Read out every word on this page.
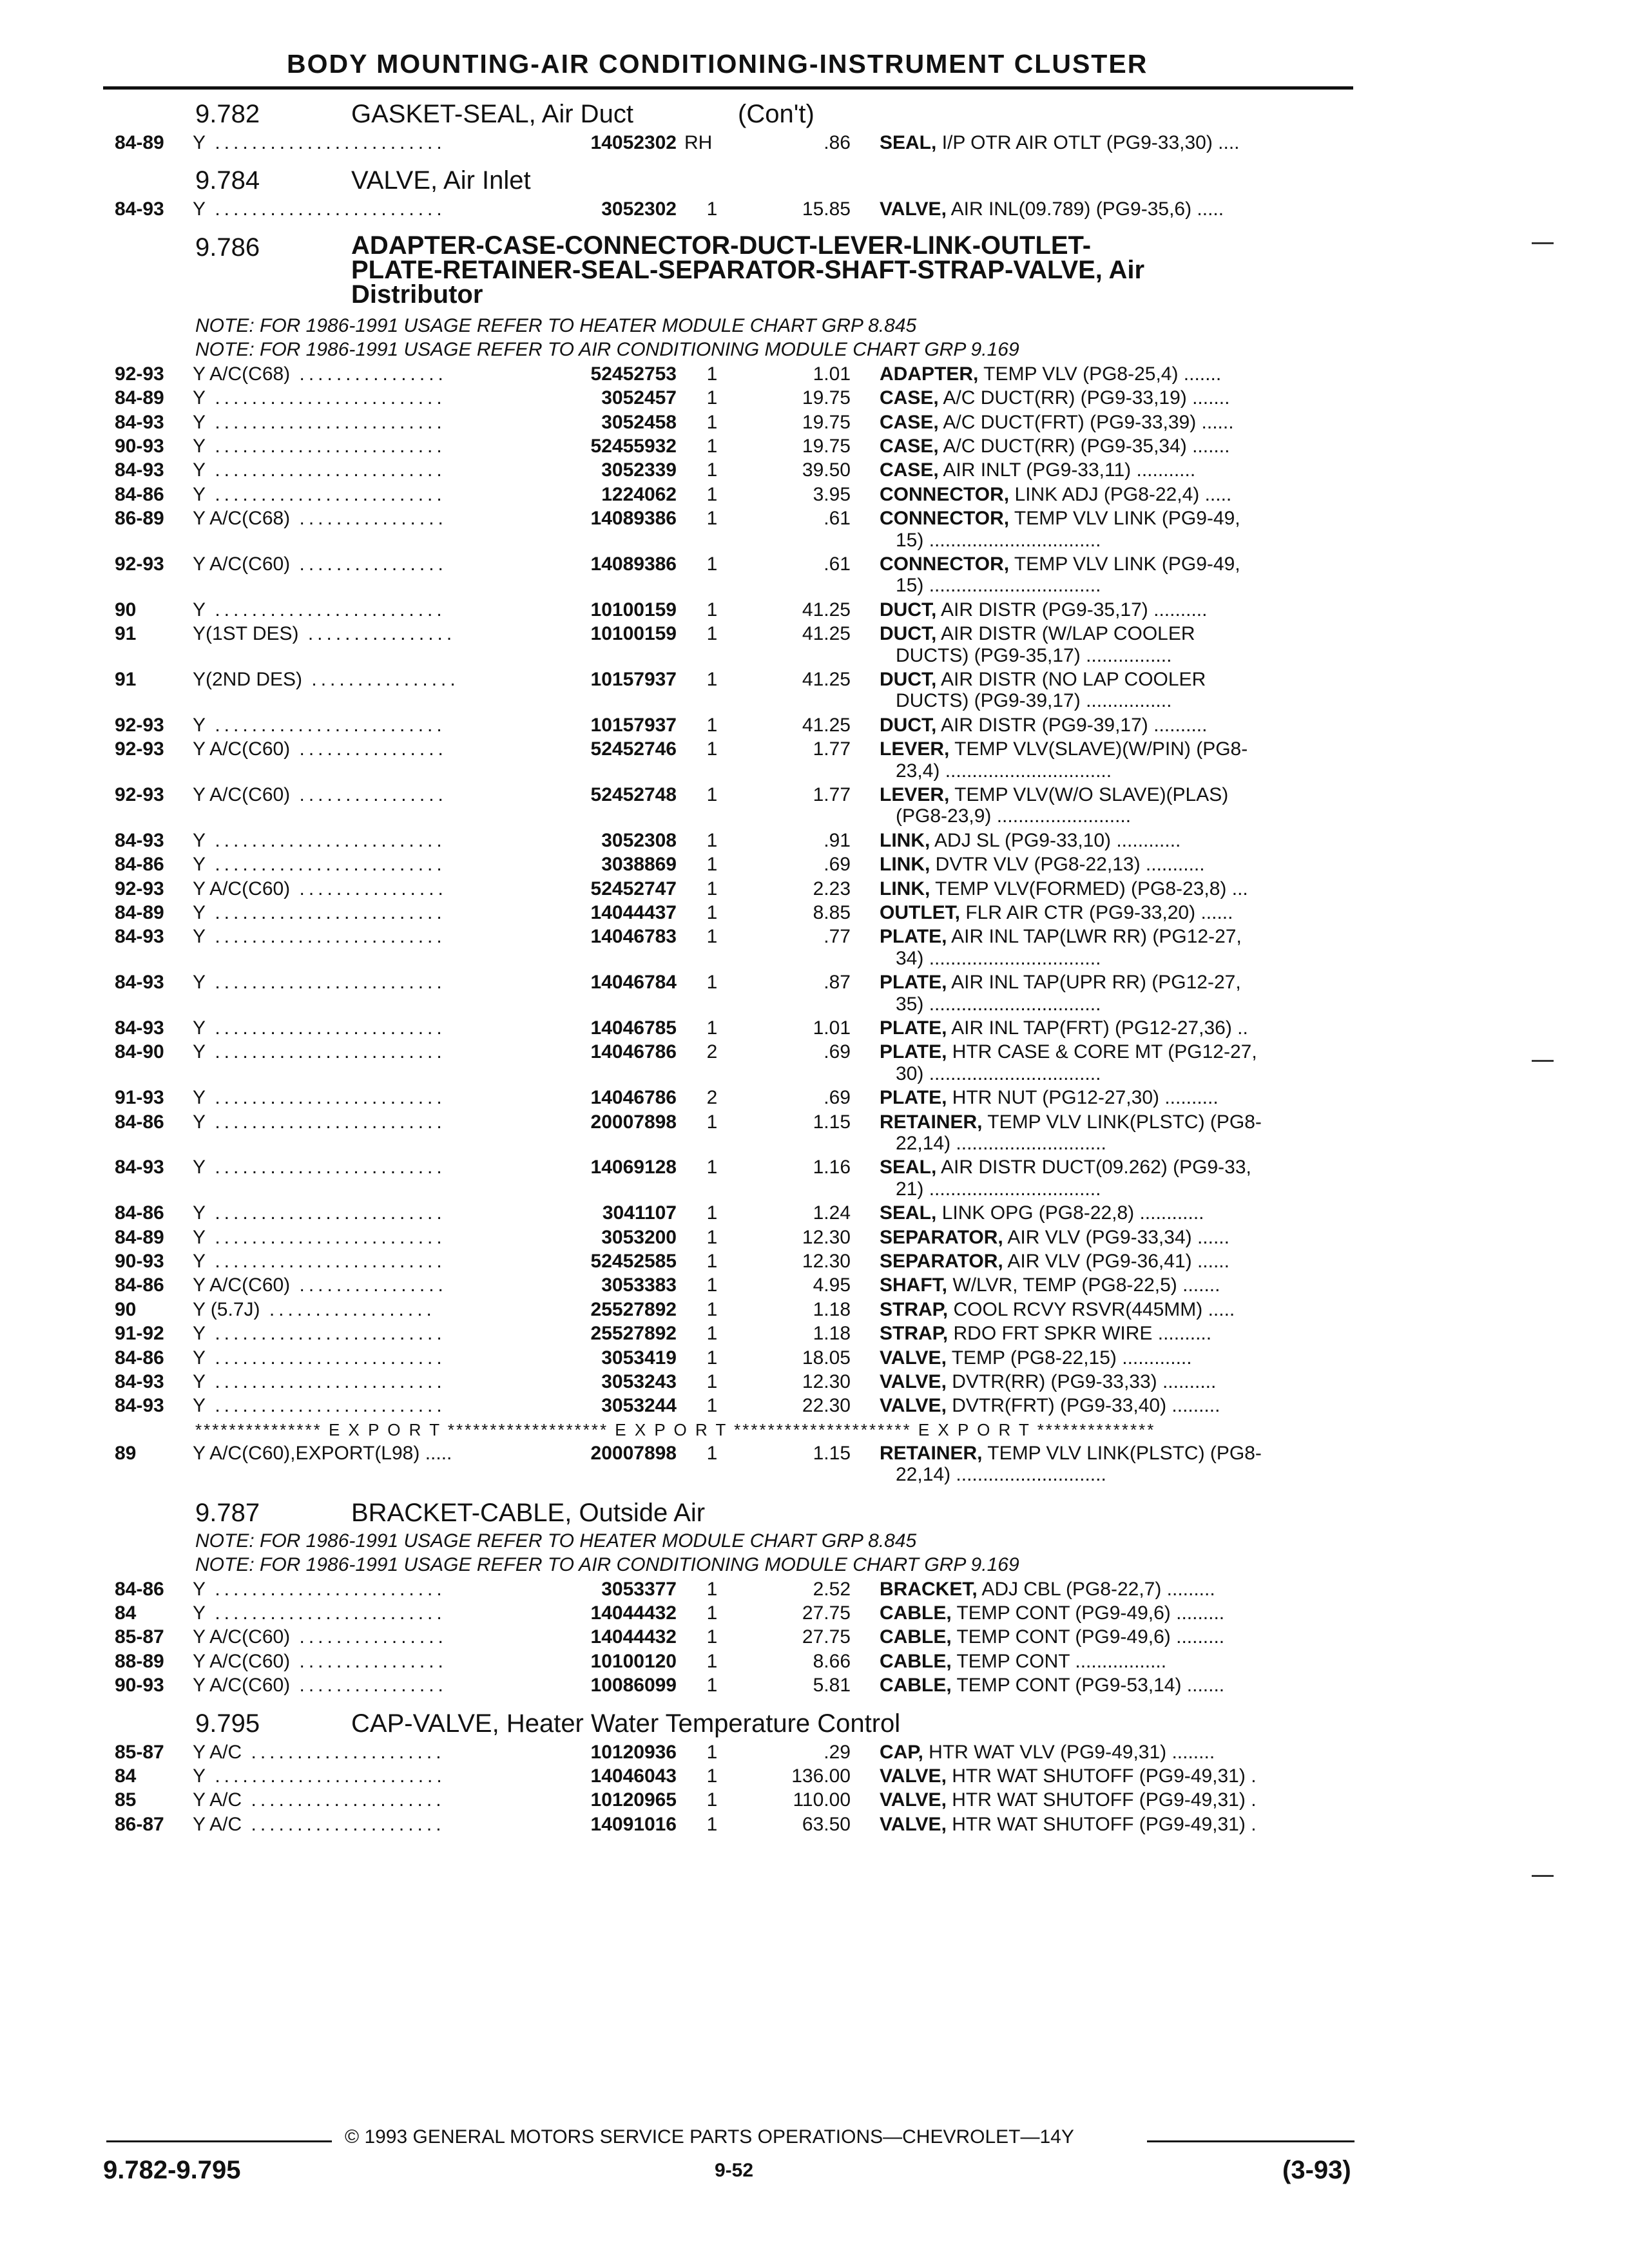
BODY MOUNTING-AIR CONDITIONING-INSTRUMENT CLUSTER
9.782	GASKET-SEAL, Air Duct	(Con't)
84-89 Y .........................	14052302 RH	.86 SEAL, I/P OTR AIR OTLT (PG9-33,30) ....
9.784	VALVE, Air Inlet
84-93 Y .........................	3052302	1	15.85 VALVE, AIR INL(09.789) (PG9-35,6) .....
9.786	ADAPTER-CASE-CONNECTOR-DUCT-LEVER-LINK-OUTLET-
PLATE-RETAINER-SEAL-SEPARATOR-SHAFT-STRAP-VALVE, Air
Distributor
NOTE: FOR 1986-1991 USAGE REFER TO HEATER MODULE CHART GRP 8.845
NOTE: FOR 1986-1991 USAGE REFER TO AIR CONDITIONING MODULE CHART GRP 9.169
92-93 Y A/C(C68) ................	52452753	1	1.01 ADAPTER, TEMP VLV (PG8-25,4) .......
84-89 Y .........................	3052457	1	19.75 CASE, A/C DUCT(RR) (PG9-33,19) .......
84-93 Y .........................	3052458	1	19.75 CASE, A/C DUCT(FRT) (PG9-33,39) ......
90-93 Y .........................	52455932	1	19.75 CASE, A/C DUCT(RR) (PG9-35,34) .......
84-93 Y .........................	3052339	1	39.50 CASE, AIR INLT (PG9-33,11) ...........
84-86 Y .........................	1224062	1	3.95 CONNECTOR, LINK ADJ (PG8-22,4) .....
86-89 Y A/C(C68) ................	14089386	1	.61 CONNECTOR, TEMP VLV LINK (PG9-49,
15) ................................
92-93 Y A/C(C60) ................	14089386	1	.61 CONNECTOR, TEMP VLV LINK (PG9-49,
15) ................................
90	Y .........................	10100159	1	41.25 DUCT, AIR DISTR (PG9-35,17) ..........
91	Y(1ST DES) ................	10100159	1	41.25 DUCT, AIR DISTR (W/LAP COOLER
DUCTS) (PG9-35,17) ................
91	Y(2ND DES) ................	10157937	1	41.25 DUCT, AIR DISTR (NO LAP COOLER
DUCTS) (PG9-39,17) ................
92-93 Y .........................	10157937	1	41.25 DUCT, AIR DISTR (PG9-39,17) ..........
92-93 Y A/C(C60) ................	52452746	1	1.77 LEVER, TEMP VLV(SLAVE)(W/PIN) (PG8-
23,4) ...............................
92-93 Y A/C(C60) ................	52452748	1	1.77 LEVER, TEMP VLV(W/O SLAVE)(PLAS)
(PG8-23,9) .........................
84-93 Y .........................	3052308	1	.91 LINK, ADJ SL (PG9-33,10) ............
84-86 Y .........................	3038869	1	.69 LINK, DVTR VLV (PG8-22,13) ...........
92-93 Y A/C(C60) ................	52452747	1	2.23 LINK, TEMP VLV(FORMED) (PG8-23,8) ...
84-89 Y .........................	14044437	1	8.85 OUTLET, FLR AIR CTR (PG9-33,20) ......
84-93 Y .........................	14046783	1	.77 PLATE, AIR INL TAP(LWR RR) (PG12-27,
34) ................................
84-93 Y .........................	14046784	1	.87 PLATE, AIR INL TAP(UPR RR) (PG12-27,
35) ................................
84-93 Y .........................	14046785	1	1.01 PLATE, AIR INL TAP(FRT) (PG12-27,36) ..
84-90 Y .........................	14046786	2	.69 PLATE, HTR CASE & CORE MT (PG12-27,
30) ................................
91-93 Y .........................	14046786	2	.69 PLATE, HTR NUT (PG12-27,30) ..........
84-86 Y .........................	20007898	1	1.15 RETAINER, TEMP VLV LINK(PLSTC) (PG8-
22,14) ............................
84-93 Y .........................	14069128	1	1.16 SEAL, AIR DISTR DUCT(09.262) (PG9-33,
21) ................................
84-86 Y .........................	3041107	1	1.24 SEAL, LINK OPG (PG8-22,8) ............
84-89 Y .........................	3053200	1	12.30 SEPARATOR, AIR VLV (PG9-33,34) ......
90-93 Y .........................	52452585	1	12.30 SEPARATOR, AIR VLV (PG9-36,41) ......
84-86 Y A/C(C60) ................	3053383	1	4.95 SHAFT, W/LVR, TEMP (PG8-22,5) .......
90	Y (5.7J) ..................	25527892	1	1.18 STRAP, COOL RCVY RSVR(445MM) .....
91-92 Y .........................	25527892	1	1.18 STRAP, RDO FRT SPKR WIRE ..........
84-86 Y .........................	3053419	1	18.05 VALVE, TEMP (PG8-22,15) .............
84-93 Y .........................	3053243	1	12.30 VALVE, DVTR(RR) (PG9-33,33) ..........
84-93 Y .........................	3053244	1	22.30 VALVE, DVTR(FRT) (PG9-33,40) .........
*************** E X P O R T ******************* E X P O R T ********************* E X P O R T **************
89	Y A/C(C60),EXPORT(L98) .....	20007898	1	1.15 RETAINER, TEMP VLV LINK(PLSTC) (PG8-
22,14) ............................
9.787	BRACKET-CABLE, Outside Air
NOTE: FOR 1986-1991 USAGE REFER TO HEATER MODULE CHART GRP 8.845
NOTE: FOR 1986-1991 USAGE REFER TO AIR CONDITIONING MODULE CHART GRP 9.169
84-86 Y .........................	3053377	1	2.52 BRACKET, ADJ CBL (PG8-22,7) .........
84	Y .........................	14044432	1	27.75 CABLE, TEMP CONT (PG9-49,6) .........
85-87 Y A/C(C60) ................	14044432	1	27.75 CABLE, TEMP CONT (PG9-49,6) .........
88-89 Y A/C(C60) ................	10100120	1	8.66 CABLE, TEMP CONT .................
90-93 Y A/C(C60) ................	10086099	1	5.81 CABLE, TEMP CONT (PG9-53,14) .......
9.795	CAP-VALVE, Heater Water Temperature Control
85-87 Y A/C .....................	10120936	1	.29 CAP, HTR WAT VLV (PG9-49,31) ........
84	Y .........................	14046043	1	136.00 VALVE, HTR WAT SHUTOFF (PG9-49,31) .
85	Y A/C .....................	10120965	1	110.00 VALVE, HTR WAT SHUTOFF (PG9-49,31) .
86-87 Y A/C .....................	14091016	1	63.50 VALVE, HTR WAT SHUTOFF (PG9-49,31) .
© 1993 GENERAL MOTORS SERVICE PARTS OPERATIONS—CHEVROLET—14Y
9.782-9.795	9-52	(3-93)
